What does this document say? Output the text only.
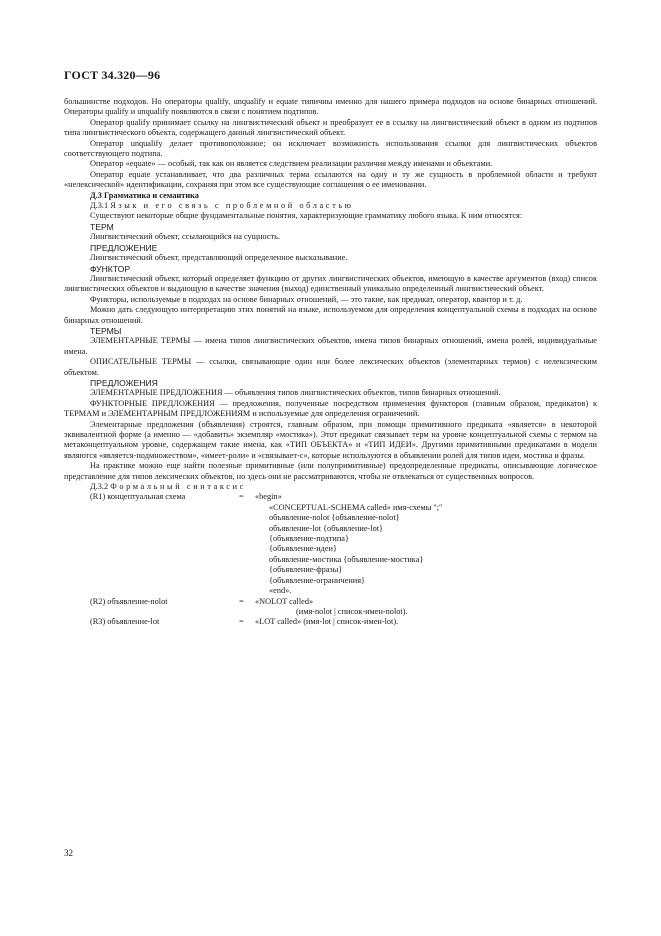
ГОСТ 34.320—96

большинстве подходов. Но операторы qualify, unqualify и equate типичны именно для нашего примера подходов на основе бинарных отношений. Операторы qualify и unqualify появляются в связи с понятием подтипов.

Оператор qualify принимает ссылку на лингвистический объект и преобразует ее в ссылку на лингвистический объект в одном из подтипов типа лингвистического объекта, содержащего данный лингвистический объект.

Оператор unqualify делает противоположное; он исключает возможность использования ссылки для лингвистических объектов соответствующего подтипа.

Оператор «equate» — особый, так как он является следствием реализации различия между именами и объектами.

Оператор equate устанавливает, что два различных терма ссылаются на одну и ту же сущность в проблемной области и требуют «нелексической» идентификации, сохраняя при этом все существующие соглашения о ее именовании.

Д.3 Грамматика и семантика
Д.3.1 Язык и его связь с проблемной областью

Существуют некоторые общие фундаментальные понятия, характеризующие грамматику любого языка. К ним относятся:

ТЕРМ

Лингвистический объект, ссылающийся на сущность.

ПРЕДЛОЖЕНИЕ

Лингвистический объект, представляющий определенное высказывание.

ФУНКТОР

Лингвистический объект, который определяет функцию от других лингвистических объектов, имеющую в качестве аргументов (вход) список лингвистических объектов и выдающую в качестве значения (выход) единственный уникально определенный лингвистический объект.

Функторы, используемые в подходах на основе бинарных отношений, — это такие, как предикат, оператор, квантор и т. д.

Можно дать следующую интерпретацию этих понятий на языке, используемом для определения концептуальной схемы в подходах на основе бинарных отношений.

ТЕРМЫ

ЭЛЕМЕНТАРНЫЕ ТЕРМЫ — имена типов лингвистических объектов, имена типов бинарных отношений, имена ролей, индивидуальные имена.

ОПИСАТЕЛЬНЫЕ ТЕРМЫ — ссылки, связывающие один или более лексических объектов (элементарных термов) с нелексическим объектом.

ПРЕДЛОЖЕНИЯ

ЭЛЕМЕНТАРНЫЕ ПРЕДЛОЖЕНИЯ — объявления типов лингвистических объектов, типов бинарных отношений.

ФУНКТОРНЫЕ ПРЕДЛОЖЕНИЯ — предложения, полученные посредством применения функторов (главным образом, предикатов) к ТЕРМАМ и ЭЛЕМЕНТАРНЫМ ПРЕДЛОЖЕНИЯМ и используемые для определения ограничений.

Элементарные предложения (объявления) строятся, главным образом, при помощи примитивного предиката «является» в некоторой эквивалентной форме (а именно — «добавить» экземпляр «мостика»). Этот предикат связывает терм на уровне концептуальной схемы с термом на метаконцептуальном уровне, содержащем такие имена, как «ТИП ОБЪЕКТА» и «ТИП ИДЕИ». Другими примитивными предикатами в модели являются «является-подмножеством», «имеет-роли» и «связывает-с», которые используются в объявлении ролей для типов идеи, мостика и фразы.

На практике можно еще найти полезные примитивные (или полупримитивные) предопределенные предикаты, описывающие логическое представление для типов лексических объектов, но здесь они не рассматриваются, чтобы не отвлекаться от существенных вопросов.

Д.3.2 Формальный синтаксис
(R1) концептуальная схема	=	«begin»
«CONCEPTUAL-SCHEMA called» имя-схемы ";"
объявление-nolot {объявление-nolot}
объявление-lot {объявление-lot}
{объявление-подтипа}
{объявление-идеи}
объявление-мостика {объявление-мостика}
{объявление-фразы}
{объявление-ограничения}
«end».
(R2) объявление-nolot	=	«NOLOT called»
(имя-nolot | список-имен-nolot).
(R3) объявление-lot	=	«LOT called» (имя-lot | список-имен-lot).
32
